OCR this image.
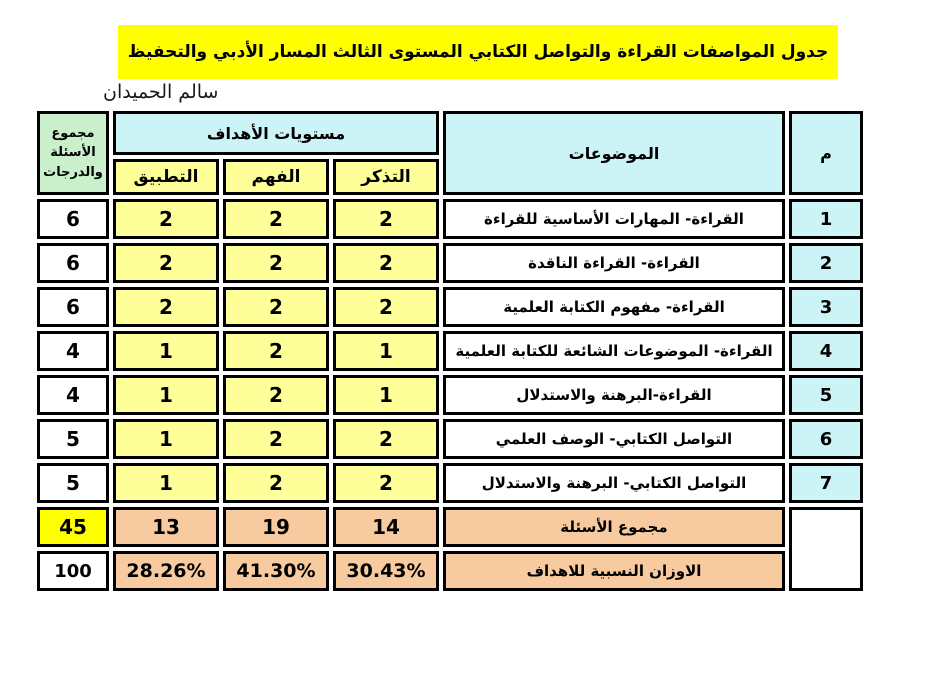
جدول المواصفات القراءة والتواصل الكتابي المستوى الثالث المسار الأدبي والتحفيظ
سالم الحميدان
م	الموضوعات	مستويات الأهداف			مجموع
الأسئلة
والدرجات

		التذكر	الفهم	التطبيق	
1	القراءة- المهارات الأساسية للقراءة	2	2	2	6
2	القراءة- القراءة الناقدة	2	2	2	6
3	القراءة- مفهوم الكتابة العلمية	2	2	2	6
4	القراءة- الموضوعات الشائعة للكتابة العلمية	1	2	1	4
5	القراءة-البرهنة والاستدلال	1	2	1	4
6	التواصل الكتابي- الوصف العلمي	2	2	1	5
7	التواصل الكتابي- البرهنة والاستدلال	2	2	1	5
	مجموع الأسئلة	14	19	13	45
	الاوزان النسبية للاهداف	30.43%	41.30%	28.26%	100
